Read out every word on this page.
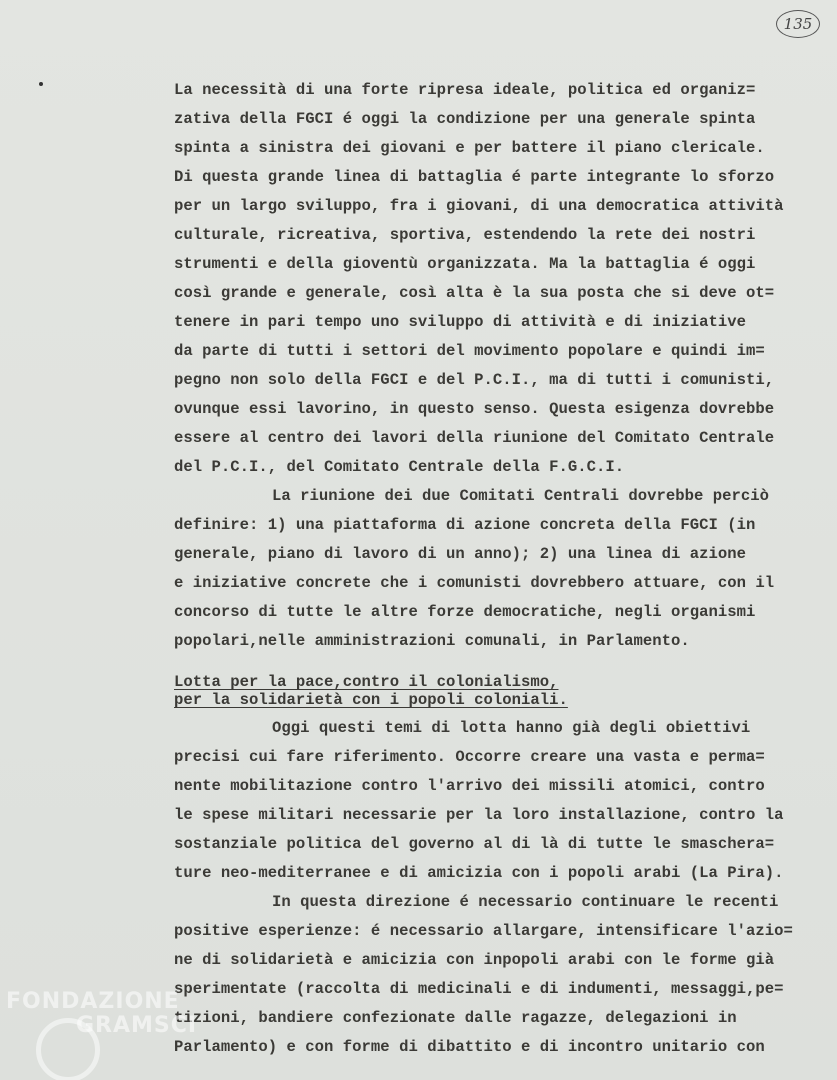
135
La necessità di una forte ripresa ideale, politica ed organiz=
zativa della FGCI é oggi la condizione per una generale spinta
spinta a sinistra dei giovani e per battere il piano clericale.
Di questa grande linea di battaglia é parte integrante lo sforzo
per un largo sviluppo, fra i giovani, di una democratica attività
culturale, ricreativa, sportiva, estendendo la rete dei nostri
strumenti e della gioventù organizzata. Ma la battaglia é oggi
così grande e generale, così alta è la sua posta che si deve ot=
tenere in pari tempo uno sviluppo di attività e di iniziative
da parte di tutti i settori del movimento popolare e quindi im=
pegno non solo della FGCI e del P.C.I., ma di tutti i comunisti,
ovunque essi lavorino, in questo senso. Questa esigenza dovrebbe
essere al centro dei lavori della riunione del Comitato Centrale
del P.C.I., del Comitato Centrale della F.G.C.I.
La riunione dei due Comitati Centrali dovrebbe perciò
definire: 1) una piattaforma di azione concreta della FGCI (in
generale, piano di lavoro di un anno); 2) una linea di azione
e iniziative concrete che i comunisti dovrebbero attuare, con il
concorso di tutte le altre forze democratiche, negli organismi
popolari,nelle amministrazioni comunali, in Parlamento.
Lotta per la pace,contro il colonialismo,
per la solidarietà con i popoli coloniali.
Oggi questi temi di lotta hanno già degli obiettivi
precisi cui fare riferimento. Occorre creare una vasta e perma=
nente mobilitazione contro l'arrivo dei missili atomici, contro
le spese militari necessarie per la loro installazione, contro la
sostanziale politica del governo al di là di tutte le smaschera=
ture neo-mediterranee e di amicizia con i popoli arabi (La Pira).
In questa direzione é necessario continuare le recenti
positive esperienze: é necessario allargare, intensificare l'azio=
ne di solidarietà e amicizia con inpopoli arabi con le forme già
sperimentate (raccolta di medicinali e di indumenti, messaggi,pe=
tizioni, bandiere confezionate dalle ragazze, delegazioni in
Parlamento) e con forme di dibattito e di incontro unitario con
FONDAZIONE
GRAMSCI
